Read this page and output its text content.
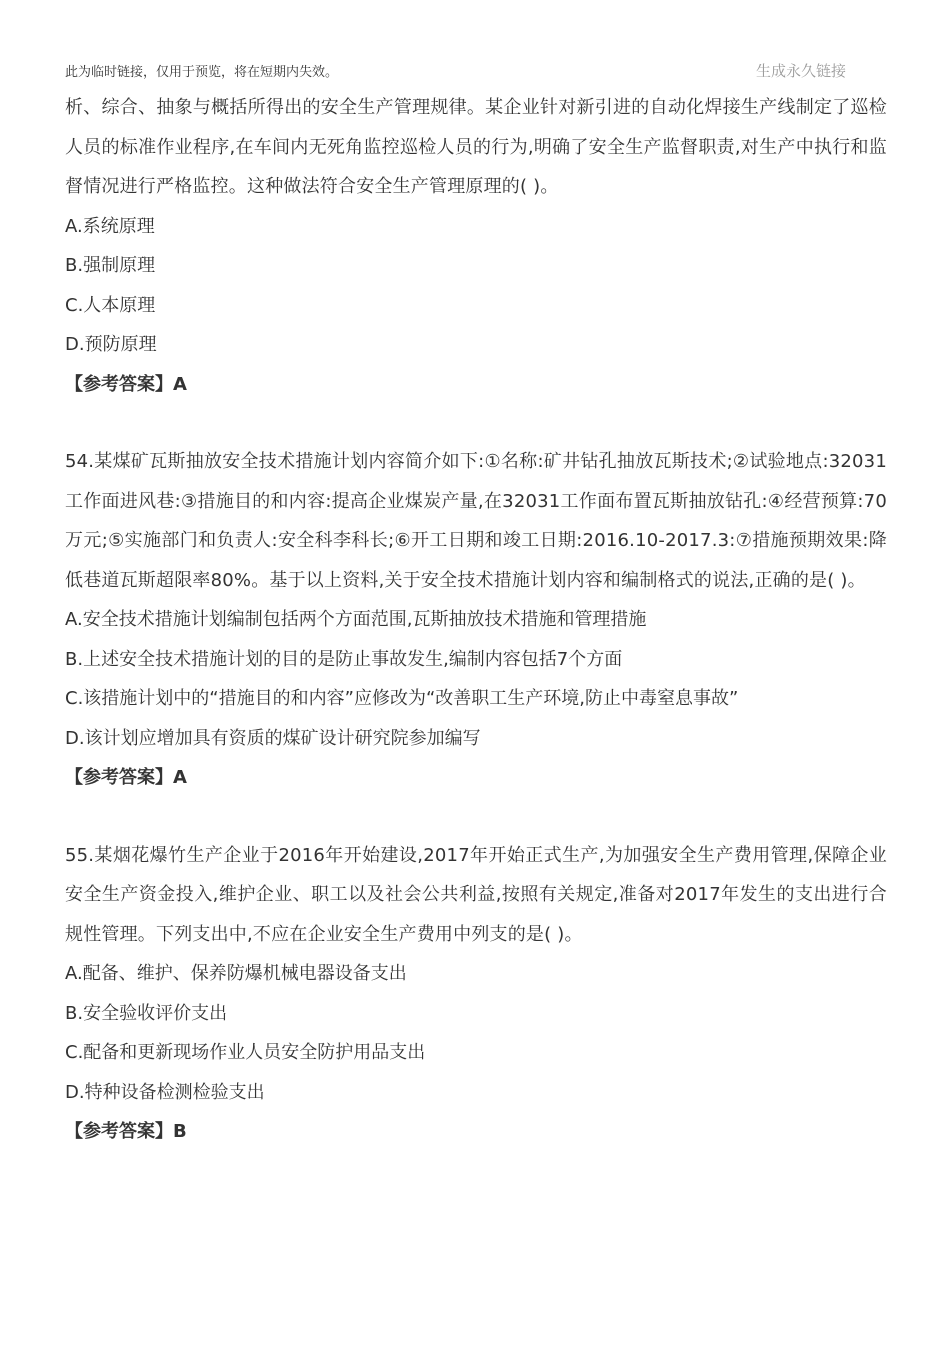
此为临时链接，仅用于预览，将在短期内失效。	生成永久链接

析、综合、抽象与概括所得出的安全生产管理规律。某企业针对新引进的自动化焊接生产线制定了巡检人员的标准作业程序,在车间内无死角监控巡检人员的行为,明确了安全生产监督职责,对生产中执行和监督情况进行严格监控。这种做法符合安全生产管理原理的( )。

A.系统原理

B.强制原理

C.人本原理

D.预防原理

【参考答案】A

54.某煤矿瓦斯抽放安全技术措施计划内容简介如下:①名称:矿井钻孔抽放瓦斯技术;②试验地点:32031工作面进风巷:③措施目的和内容:提高企业煤炭产量,在32031工作面布置瓦斯抽放钻孔:④经营预算:70万元;⑤实施部门和负责人:安全科李科长;⑥开工日期和竣工日期:2016.10-2017.3:⑦措施预期效果:降低巷道瓦斯超限率80%。基于以上资料,关于安全技术措施计划内容和编制格式的说法,正确的是( )。

A.安全技术措施计划编制包括两个方面范围,瓦斯抽放技术措施和管理措施

B.上述安全技术措施计划的目的是防止事故发生,编制内容包括7个方面

C.该措施计划中的“措施目的和内容”应修改为“改善职工生产环境,防止中毒窒息事故”

D.该计划应增加具有资质的煤矿设计研究院参加编写

【参考答案】A

55.某烟花爆竹生产企业于2016年开始建设,2017年开始正式生产,为加强安全生产费用管理,保障企业安全生产资金投入,维护企业、职工以及社会公共利益,按照有关规定,准备对2017年发生的支出进行合规性管理。下列支出中,不应在企业安全生产费用中列支的是( )。

A.配备、维护、保养防爆机械电器设备支出

B.安全验收评价支出

C.配备和更新现场作业人员安全防护用品支出

D.特种设备检测检验支出

【参考答案】B
